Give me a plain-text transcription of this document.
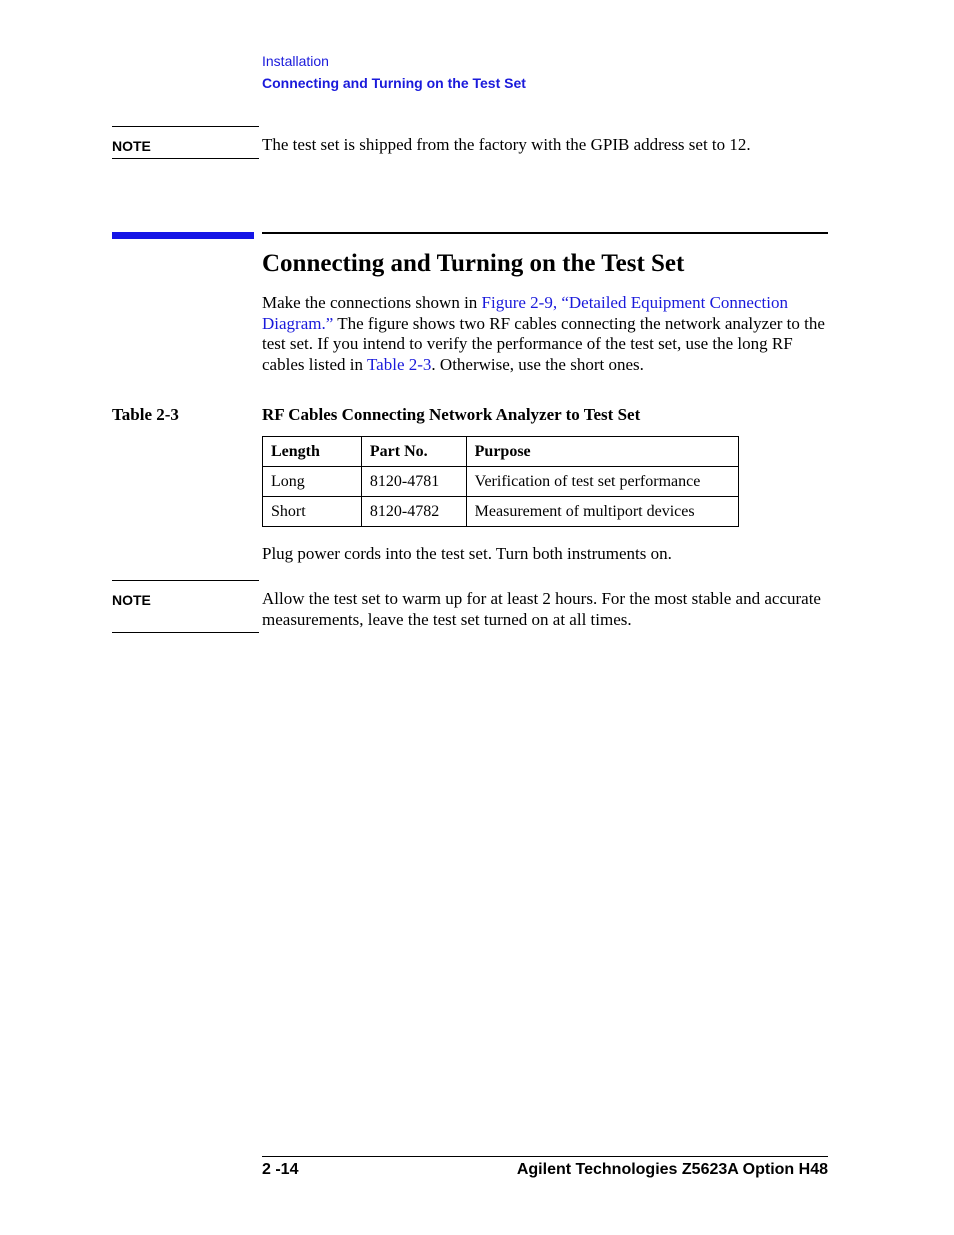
Installation
Connecting and Turning on the Test Set
NOTE	The test set is shipped from the factory with the GPIB address set to 12.
Connecting and Turning on the Test Set
Make the connections shown in Figure 2-9, “Detailed Equipment Connection Diagram.” The figure shows two RF cables connecting the network analyzer to the test set. If you intend to verify the performance of the test set, use the long RF cables listed in Table 2-3. Otherwise, use the short ones.
Table 2-3	RF Cables Connecting Network Analyzer to Test Set
Length	Part No.	Purpose
Long	8120-4781	Verification of test set performance
Short	8120-4782	Measurement of multiport devices
Plug power cords into the test set. Turn both instruments on.
NOTE	Allow the test set to warm up for at least 2 hours. For the most stable and accurate measurements, leave the test set turned on at all times.
2 -14	Agilent Technologies Z5623A Option H48
